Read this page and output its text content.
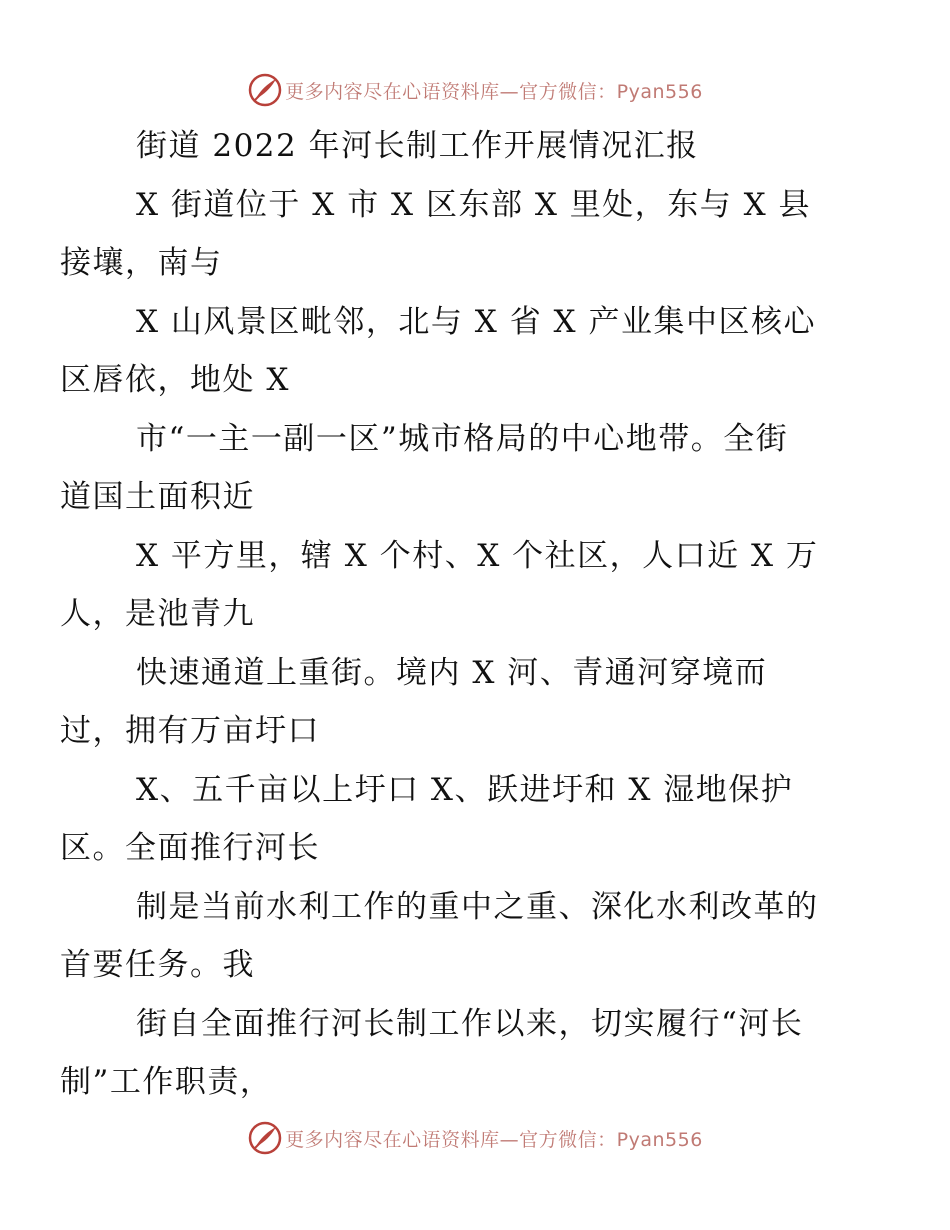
更多内容尽在心语资料库—官方微信：Pyan556

街道 2022 年河长制工作开展情况汇报

X 街道位于 X 市 X 区东部 X 里处，东与 X 县
接壤，南与

X 山风景区毗邻，北与 X 省 X 产业集中区核心
区唇依，地处 X

市“一主一副一区”城市格局的中心地带。全街
道国土面积近

X 平方里，辖 X 个村、X 个社区，人口近 X 万
人，是池青九

快速通道上重街。境内 X 河、青通河穿境而
过，拥有万亩圩口

X、五千亩以上圩口 X、跃进圩和 X 湿地保护
区。全面推行河长

制是当前水利工作的重中之重、深化水利改革的
首要任务。我

街自全面推行河长制工作以来，切实履行“河长
制”工作职责，

更多内容尽在心语资料库—官方微信：Pyan556
